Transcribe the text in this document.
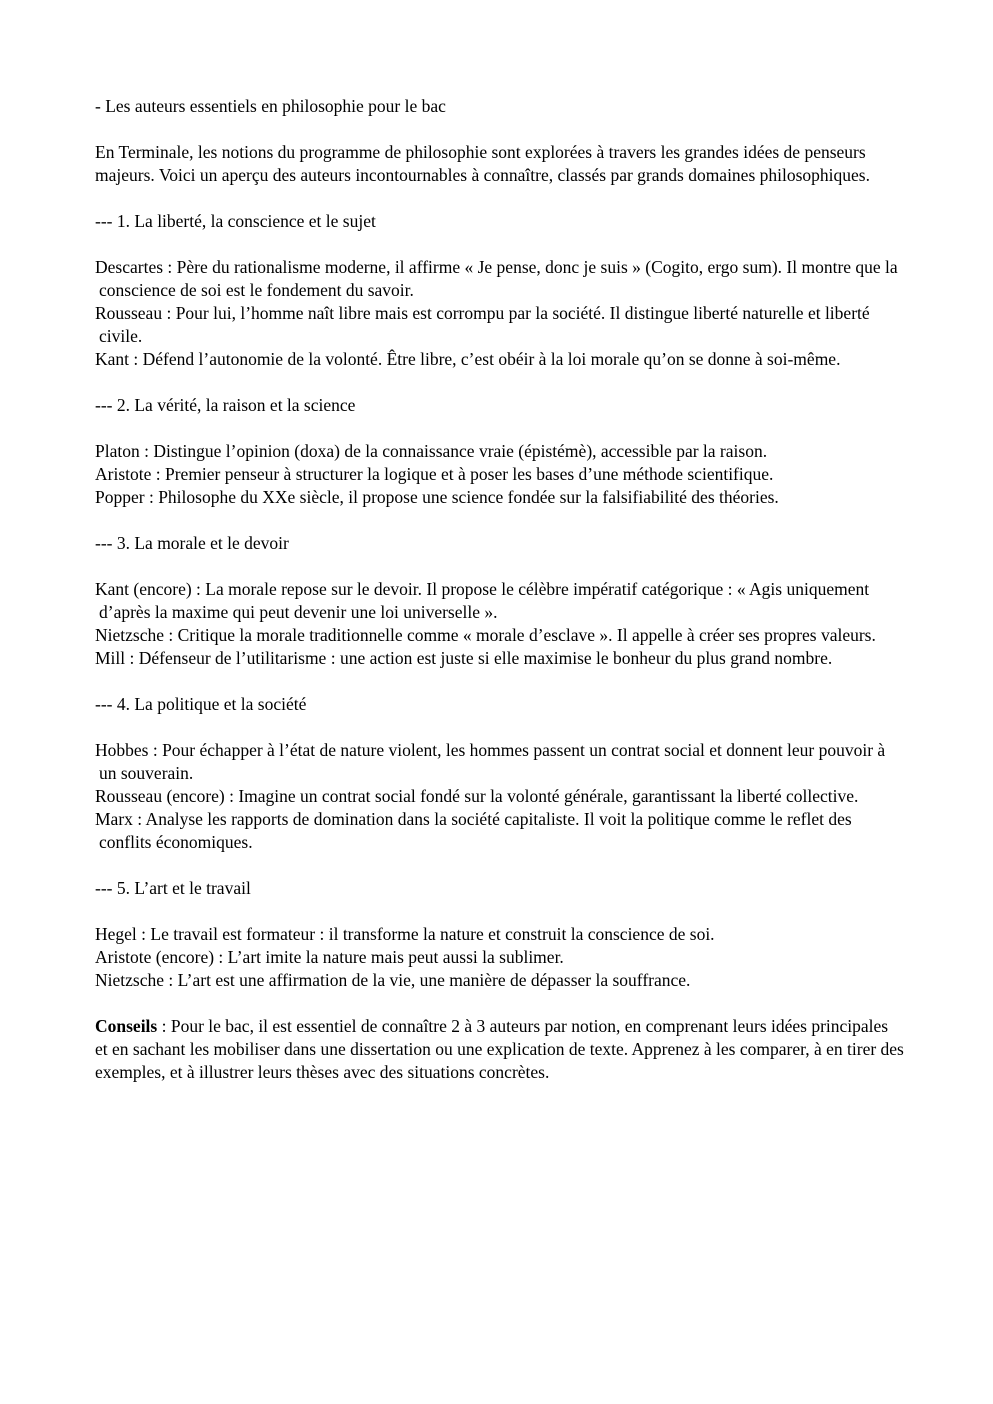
- Les auteurs essentiels en philosophie pour le bac

En Terminale, les notions du programme de philosophie sont explorées à travers les grandes idées de penseurs majeurs. Voici un aperçu des auteurs incontournables à connaître, classés par grands domaines philosophiques.

--- 1. La liberté, la conscience et le sujet

Descartes : Père du rationalisme moderne, il affirme « Je pense, donc je suis » (Cogito, ergo sum). Il montre que la conscience de soi est le fondement du savoir.

Rousseau : Pour lui, l’homme naît libre mais est corrompu par la société. Il distingue liberté naturelle et liberté civile.

Kant : Défend l’autonomie de la volonté. Être libre, c’est obéir à la loi morale qu’on se donne à soi-même.

--- 2. La vérité, la raison et la science

Platon : Distingue l’opinion (doxa) de la connaissance vraie (épistémè), accessible par la raison.

Aristote : Premier penseur à structurer la logique et à poser les bases d’une méthode scientifique.

Popper : Philosophe du XXe siècle, il propose une science fondée sur la falsifiabilité des théories.

--- 3. La morale et le devoir

Kant (encore) : La morale repose sur le devoir. Il propose le célèbre impératif catégorique : « Agis uniquement d’après la maxime qui peut devenir une loi universelle ».

Nietzsche : Critique la morale traditionnelle comme « morale d’esclave ». Il appelle à créer ses propres valeurs.

Mill : Défenseur de l’utilitarisme : une action est juste si elle maximise le bonheur du plus grand nombre.

--- 4. La politique et la société

Hobbes : Pour échapper à l’état de nature violent, les hommes passent un contrat social et donnent leur pouvoir à un souverain.

Rousseau (encore) : Imagine un contrat social fondé sur la volonté générale, garantissant la liberté collective.

Marx : Analyse les rapports de domination dans la société capitaliste. Il voit la politique comme le reflet des conflits économiques.

--- 5. L’art et le travail

Hegel : Le travail est formateur : il transforme la nature et construit la conscience de soi.

Aristote (encore) : L’art imite la nature mais peut aussi la sublimer.

Nietzsche : L’art est une affirmation de la vie, une manière de dépasser la souffrance.

Conseils : Pour le bac, il est essentiel de connaître 2 à 3 auteurs par notion, en comprenant leurs idées principales et en sachant les mobiliser dans une dissertation ou une explication de texte. Apprenez à les comparer, à en tirer des exemples, et à illustrer leurs thèses avec des situations concrètes.
